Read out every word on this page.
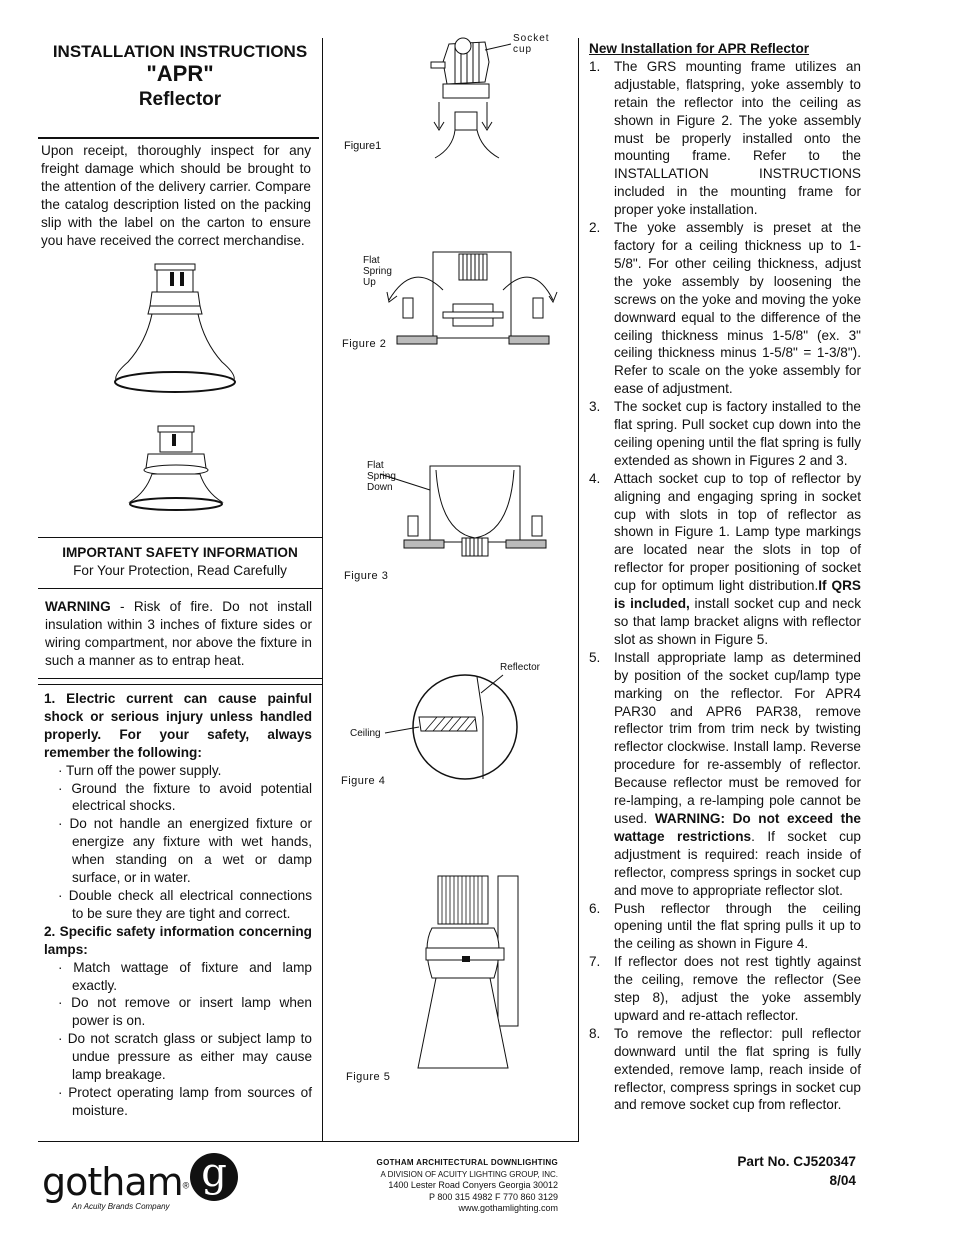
INSTALLATION INSTRUCTIONS
"APR"
Reflector
Upon receipt, thoroughly inspect for any freight damage which should be brought to the attention of the delivery carrier. Compare the catalog description listed on the packing slip with the label on the carton to ensure you have received the correct merchandise.
IMPORTANT SAFETY INFORMATION
For Your Protection, Read Carefully
WARNING - Risk of fire. Do not install insulation within 3 inches of fixture sides or wiring compartment, nor above the fixture in such a manner as to entrap heat.
1. Electric current can cause painful shock or serious injury unless handled properly. For your safety, always remember the following:
· Turn off the power supply.
· Ground the fixture to avoid potential electrical shocks.
· Do not handle an energized fixture or energize any fixture with wet hands, when standing on a wet or damp surface, or in water.
· Double check all electrical connections to be sure they are tight and correct.
2. Specific safety information concerning lamps:
· Match wattage of fixture and lamp exactly.
· Do not remove or insert lamp when power is on.
· Do not scratch glass or subject lamp to undue pressure as either may cause lamp breakage.
· Protect operating lamp from sources of moisture.
Socket
cup
Figure1
Flat
Spring
Up
Figure 2
Flat
Spring
Down
Figure 3
Reflector
Ceiling
Figure 4
Figure 5
New Installation for APR Reflector
1. The GRS mounting frame utilizes an adjustable, flatspring, yoke assembly to retain the reflector into the ceiling as shown in Figure 2. The yoke assembly must be properly installed onto the mounting frame. Refer to the INSTALLATION INSTRUCTIONS included in the mounting frame for proper yoke installation.
2. The yoke assembly is preset at the factory for a ceiling thickness up to 1-5/8". For other ceiling thickness, adjust the yoke assembly by loosening the screws on the yoke and moving the yoke downward equal to the difference of the ceiling thickness minus 1-5/8" (ex. 3" ceiling thickness minus 1-5/8" = 1-3/8"). Refer to scale on the yoke assembly for ease of adjustment.
3. The socket cup is factory installed to the flat spring. Pull socket cup down into the ceiling opening until the flat spring is fully extended as shown in Figures 2 and 3.
4. Attach socket cup to top of reflector by aligning and engaging spring in socket cup with slots in top of reflector as shown in Figure 1. Lamp type markings are located near the slots in top of reflector for proper positioning of socket cup for optimum light distribution.If QRS is included, install socket cup and neck so that lamp bracket aligns with reflector slot as shown in Figure 5.
5. Install appropriate lamp as determined by position of the socket cup/lamp type marking on the reflector. For APR4 PAR30 and APR6 PAR38, remove reflector trim from trim neck by twisting reflector clockwise. Install lamp. Reverse procedure for re-assembly of reflector. Because reflector must be removed for re-lamping, a re-lamping pole cannot be used. WARNING: Do not exceed the wattage restrictions. If socket cup adjustment is required: reach inside of reflector, compress springs in socket cup and move to appropriate reflector slot.
6. Push reflector through the ceiling opening until the flat spring pulls it up to the ceiling as shown in Figure 4.
7. If reflector does not rest tightly against the ceiling, remove the reflector (See step 8), adjust the yoke assembly upward and re-attach reflector.
8. To remove the reflector: pull reflector downward until the flat spring is fully extended, remove lamp, reach inside of reflector, compress springs in socket cup and remove socket cup from reflector.
gotham®
An Acuity Brands Company
g	GOTHAM ARCHITECTURAL DOWNLIGHTING
A DIVISION OF ACUITY LIGHTING GROUP, INC.
1400 Lester Road Conyers Georgia 30012
P 800 315 4982 F 770 860 3129
www.gothamlighting.com
Part No. CJ520347
8/04
